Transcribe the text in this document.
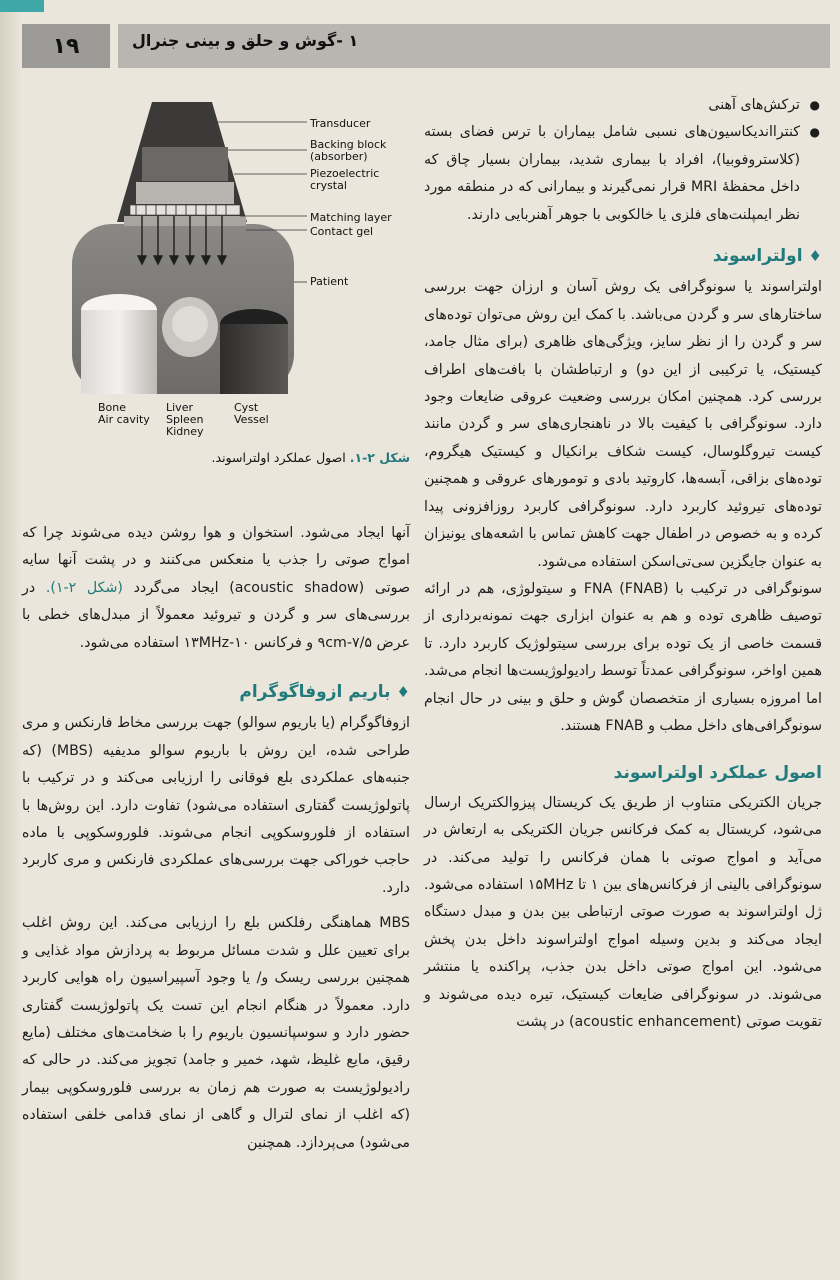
۱۹	۱ -گوش و حلق و بینی جنرال
Transducer
Backing block
(absorber)
Piezoelectric
crystal
Matching layer
Contact gel
Patient
Bone
Air cavity
Liver
Spleen
Kidney
Cyst
Vessel
شکل ۲-۱. اصول عملکرد اولتراسوند.
● ترکش‌های آهنی
● کنترااندیکاسیون‌های نسبی شامل بیماران با ترس فضای بسته (کلاستروفوبیا)، افراد با بیماری شدید، بیماران بسیار چاق که داخل محفظهٔ MRI قرار نمی‌گیرند و بیمارانی که در منطقه مورد نظر ایمپلنت‌های فلزی یا خالکوبی با جوهر آهنربایی دارند.
♦اولتراسوند

اولتراسوند یا سونوگرافی یک روش آسان و ارزان جهت بررسی ساختارهای سر و گردن می‌باشد. با کمک این روش می‌توان توده‌های سر و گردن را از نظر سایز، ویژگی‌های ظاهری (برای مثال جامد، کیستیک، یا ترکیبی از این دو) و ارتباطشان با بافت‌های اطراف بررسی کرد. همچنین امکان بررسی وضعیت عروقی ضایعات وجود دارد. سونوگرافی با کیفیت بالا در ناهنجاری‌های سر و گردن مانند کیست تیروگلوسال، کیست شکاف برانکیال و کیستیک هیگروم، توده‌های بزاقی، آبسه‌ها، کاروتید بادی و تومورهای عروقی و همچنین توده‌های تیروئید کاربرد دارد. سونوگرافی کاربرد روزافزونی پیدا کرده و به خصوص در اطفال جهت کاهش تماس با اشعه‌های یونیزان به عنوان جایگزین سی‌تی‌اسکن استفاده می‌شود.

سونوگرافی در ترکیب با FNA (FNAB) و سیتولوژی، هم در ارائه توصیف ظاهری توده و هم به عنوان ابزاری جهت نمونه‌برداری از قسمت خاصی از یک توده برای بررسی سیتولوژیک کاربرد دارد. تا همین اواخر، سونوگرافی عمدتاً توسط رادیولوژیست‌ها انجام می‌شد. اما امروزه بسیاری از متخصصان گوش و حلق و بینی در حال انجام سونوگرافی‌های داخل مطب و FNAB هستند.

اصول عملکرد اولتراسوند

جریان الکتریکی متناوب از طریق یک کریستال پیزوالکتریک ارسال می‌شود، کریستال به کمک فرکانس جریان الکتریکی به ارتعاش در می‌آید و امواج صوتی با همان فرکانس را تولید می‌کند. در سونوگرافی بالینی از فرکانس‌های بین ۱ تا ۱۵MHz استفاده می‌شود. ژل اولتراسوند به صورت صوتی ارتباطی بین بدن و مبدل دستگاه ایجاد می‌کند و بدین وسیله امواج اولتراسوند داخل بدن پخش می‌شود. این امواج صوتی داخل بدن جذب، پراکنده یا منتشر می‌شوند. در سونوگرافی ضایعات کیستیک، تیره دیده می‌شوند و تقویت صوتی (acoustic enhancement) در پشت

آنها ایجاد می‌شود. استخوان و هوا روشن دیده می‌شوند چرا که امواج صوتی را جذب یا منعکس می‌کنند و در پشت آنها سایه صوتی (acoustic shadow) ایجاد می‌گردد (شکل ۲-۱). در بررسی‌های سر و گردن و تیروئید معمولاً از مبدل‌های خطی با عرض ۷/۵-۹cm و فرکانس ۱۰-۱۳MHz استفاده می‌شود.

♦باریم ازوفاگوگرام

ازوفاگوگرام (یا باریوم سوالو) جهت بررسی مخاط فارنکس و مری طراحی شده، این روش با باریوم سوالو مدیفیه (MBS) (که جنبه‌های عملکردی بلع فوقانی را ارزیابی می‌کند و در ترکیب با پاتولوژیست گفتاری استفاده می‌شود) تفاوت دارد. این روش‌ها با استفاده از فلوروسکوپی انجام می‌شوند. فلوروسکوپی با ماده حاجب خوراکی جهت بررسی‌های عملکردی فارنکس و مری کاربرد دارد.

MBS هماهنگی رفلکس بلع را ارزیابی می‌کند. این روش اغلب برای تعیین علل و شدت مسائل مربوط به پردازش مواد غذایی و همچنین بررسی ریسک و/ یا وجود آسپیراسیون راه هوایی کاربرد دارد. معمولاً در هنگام انجام این تست یک پاتولوژیست گفتاری حضور دارد و سوسپانسیون باریوم را با ضخامت‌های مختلف (مایع رقیق، مایع غلیظ، شهد، خمیر و جامد) تجویز می‌کند. در حالی که رادیولوژیست به صورت هم زمان به بررسی فلوروسکوپی بیمار (که اغلب از نمای لترال و گاهی از نمای قدامی خلفی استفاده می‌شود) می‌پردازد. همچنین
